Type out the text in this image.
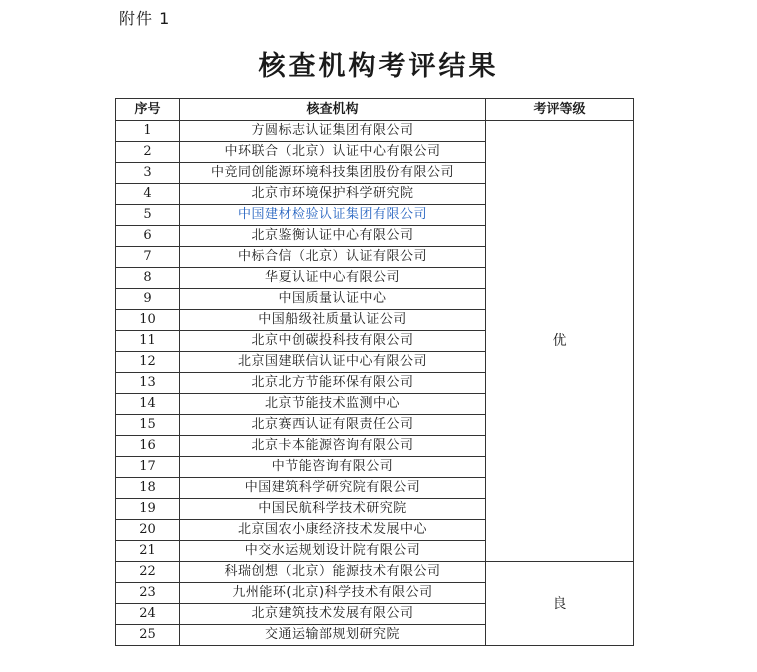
附件 1
核查机构考评结果
序号	核查机构	考评等级
1	方圆标志认证集团有限公司	优
2	中环联合（北京）认证中心有限公司	
3	中竞同创能源环境科技集团股份有限公司	
4	北京市环境保护科学研究院	
5	中国建材检验认证集团有限公司	
6	北京鉴衡认证中心有限公司	
7	中标合信（北京）认证有限公司	
8	华夏认证中心有限公司	
9	中国质量认证中心	
10	中国船级社质量认证公司	
11	北京中创碳投科技有限公司	
12	北京国建联信认证中心有限公司	
13	北京北方节能环保有限公司	
14	北京节能技术监测中心	
15	北京赛西认证有限责任公司	
16	北京卡本能源咨询有限公司	
17	中节能咨询有限公司	
18	中国建筑科学研究院有限公司	
19	中国民航科学技术研究院	
20	北京国农小康经济技术发展中心	
21	中交水运规划设计院有限公司	
22	科瑞创想（北京）能源技术有限公司	良
23	九州能环(北京)科学技术有限公司	
24	北京建筑技术发展有限公司	
25	交通运输部规划研究院	
